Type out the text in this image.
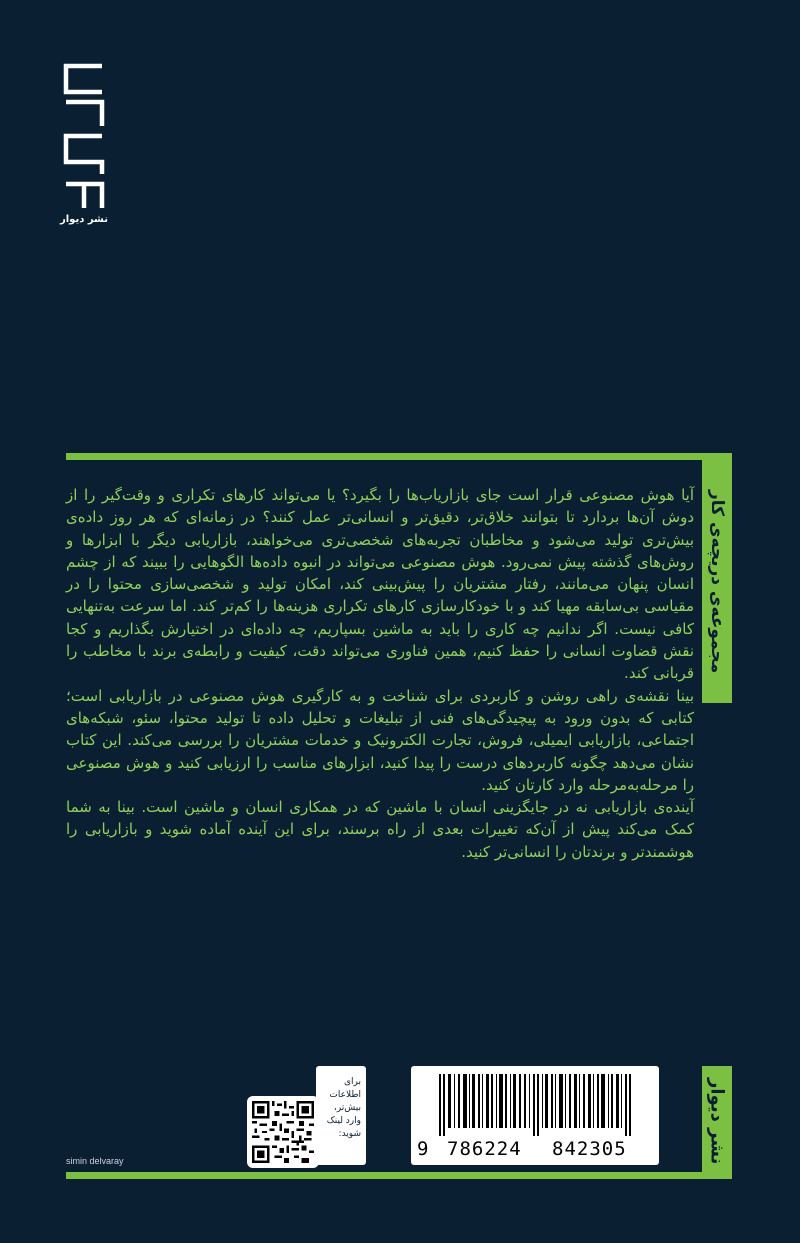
نشر دیوار
مجموعه‌ی دریچه‌ی کار

آیا هوش مصنوعی قرار است جای بازاریاب‌ها را بگیرد؟ یا می‌تواند کارهای تکراری و وقت‌گیر را از دوش آن‌ها بردارد تا بتوانند خلاق‌تر، دقیق‌تر و انسانی‌تر عمل کنند؟ در زمانه‌ای که هر روز داده‌ی بیش‌تری تولید می‌شود و مخاطبان تجربه‌های شخصی‌تری می‌خواهند، بازاریابی دیگر با ابزارها و روش‌های گذشته پیش نمی‌رود. هوش مصنوعی می‌تواند در انبوه داده‌ها الگوهایی را ببیند که از چشم انسان پنهان می‌مانند، رفتار مشتریان را پیش‌بینی کند، امکان تولید و شخصی‌سازی محتوا را در مقیاسی بی‌سابقه مهیا کند و با خودکارسازی کارهای تکراری هزینه‌ها را کم‌تر کند. اما سرعت به‌تنهایی کافی نیست. اگر ندانیم چه کاری را باید به ماشین بسپاریم، چه داده‌ای در اختیارش بگذاریم و کجا نقش قضاوت انسانی را حفظ کنیم، همین فناوری می‌تواند دقت، کیفیت و رابطه‌ی برند با مخاطب را قربانی کند.

بینا نقشه‌ی راهی روشن و کاربردی برای شناخت و به کارگیری هوش مصنوعی در بازاریابی است؛ کتابی که بدون ورود به پیچیدگی‌های فنی از تبلیغات و تحلیل داده تا تولید محتوا، سئو، شبکه‌های اجتماعی، بازاریابی ایمیلی، فروش، تجارت الکترونیک و خدمات مشتریان را بررسی می‌کند. این کتاب نشان می‌دهد چگونه کاربردهای درست را پیدا کنید، ابزارهای مناسب را ارزیابی کنید و هوش مصنوعی را مرحله‌به‌مرحله وارد کارتان کنید.

آینده‌ی بازاریابی نه در جایگزینی انسان با ماشین که در همکاری انسان و ماشین است. بینا به شما کمک می‌کند پیش از آن‌که تغییرات بعدی از راه برسند، برای این آینده آماده شوید و بازاریابی را هوشمندتر و برندتان را انسانی‌تر کنید.

نشر دیوار
9 786224 842305
برای اطلاعات بیش‌تر، وارد لینک شوید:
simin delvaray
